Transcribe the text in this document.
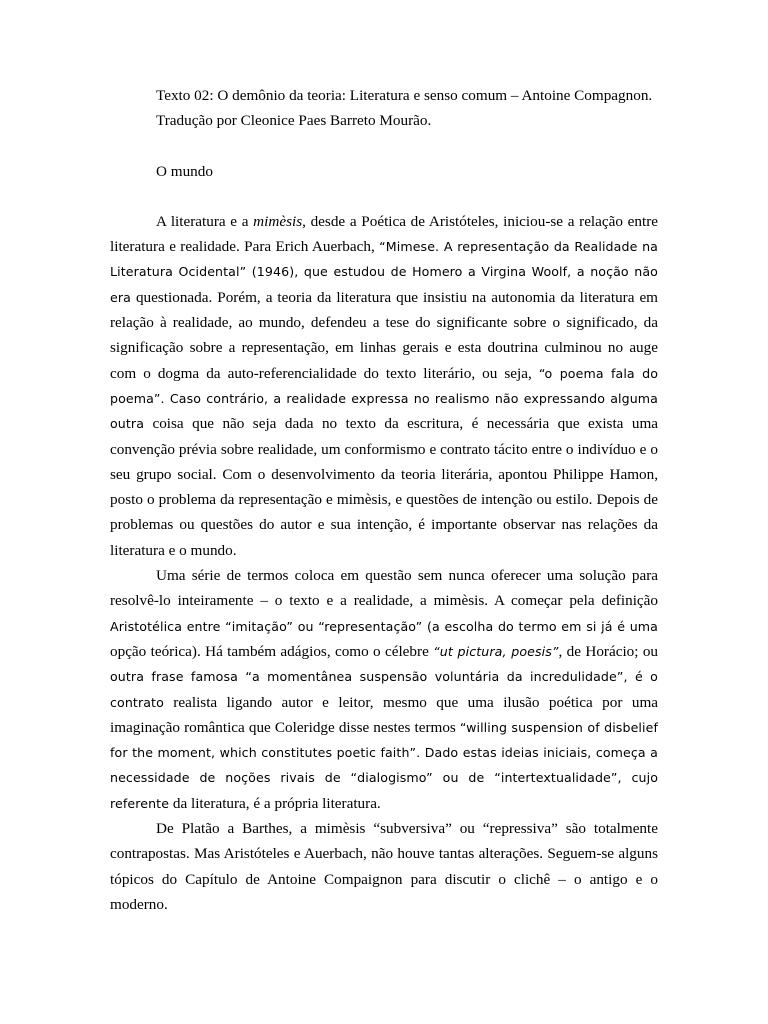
Texto 02: O demônio da teoria: Literatura e senso comum – Antoine Compagnon.

Tradução por Cleonice Paes Barreto Mourão.

O mundo

A literatura e a mimèsis, desde a Poética de Aristóteles, iniciou-se a relação entre literatura e realidade. Para Erich Auerbach, “Mimese. A representação da Realidade na Literatura Ocidental” (1946), que estudou de Homero a Virgina Woolf, a noção não era questionada. Porém, a teoria da literatura que insistiu na autonomia da literatura em relação à realidade, ao mundo, defendeu a tese do significante sobre o significado, da significação sobre a representação, em linhas gerais e esta doutrina culminou no auge com o dogma da auto-referencialidade do texto literário, ou seja, “o poema fala do poema”. Caso contrário, a realidade expressa no realismo não expressando alguma outra coisa que não seja dada no texto da escritura, é necessária que exista uma convenção prévia sobre realidade, um conformismo e contrato tácito entre o indivíduo e o seu grupo social. Com o desenvolvimento da teoria literária, apontou Philippe Hamon, posto o problema da representação e mimèsis, e questões de intenção ou estilo. Depois de problemas ou questões do autor e sua intenção, é importante observar nas relações da literatura e o mundo.

Uma série de termos coloca em questão sem nunca oferecer uma solução para resolvê-lo inteiramente – o texto e a realidade, a mimèsis. A começar pela definição Aristotélica entre “imitação” ou “representação” (a escolha do termo em si já é uma opção teórica). Há também adágios, como o célebre “ut pictura, poesis”, de Horácio; ou outra frase famosa “a momentânea suspensão voluntária da incredulidade”, é o contrato realista ligando autor e leitor, mesmo que uma ilusão poética por uma imaginação romântica que Coleridge disse nestes termos “willing suspension of disbelief for the moment, which constitutes poetic faith”. Dado estas ideias iniciais, começa a necessidade de noções rivais de “dialogismo” ou de “intertextualidade”, cujo referente da literatura, é a própria literatura.

De Platão a Barthes, a mimèsis “subversiva” ou “repressiva” são totalmente contrapostas. Mas Aristóteles e Auerbach, não houve tantas alterações. Seguem-se alguns tópicos do Capítulo de Antoine Compaignon para discutir o clichê – o antigo e o moderno.
